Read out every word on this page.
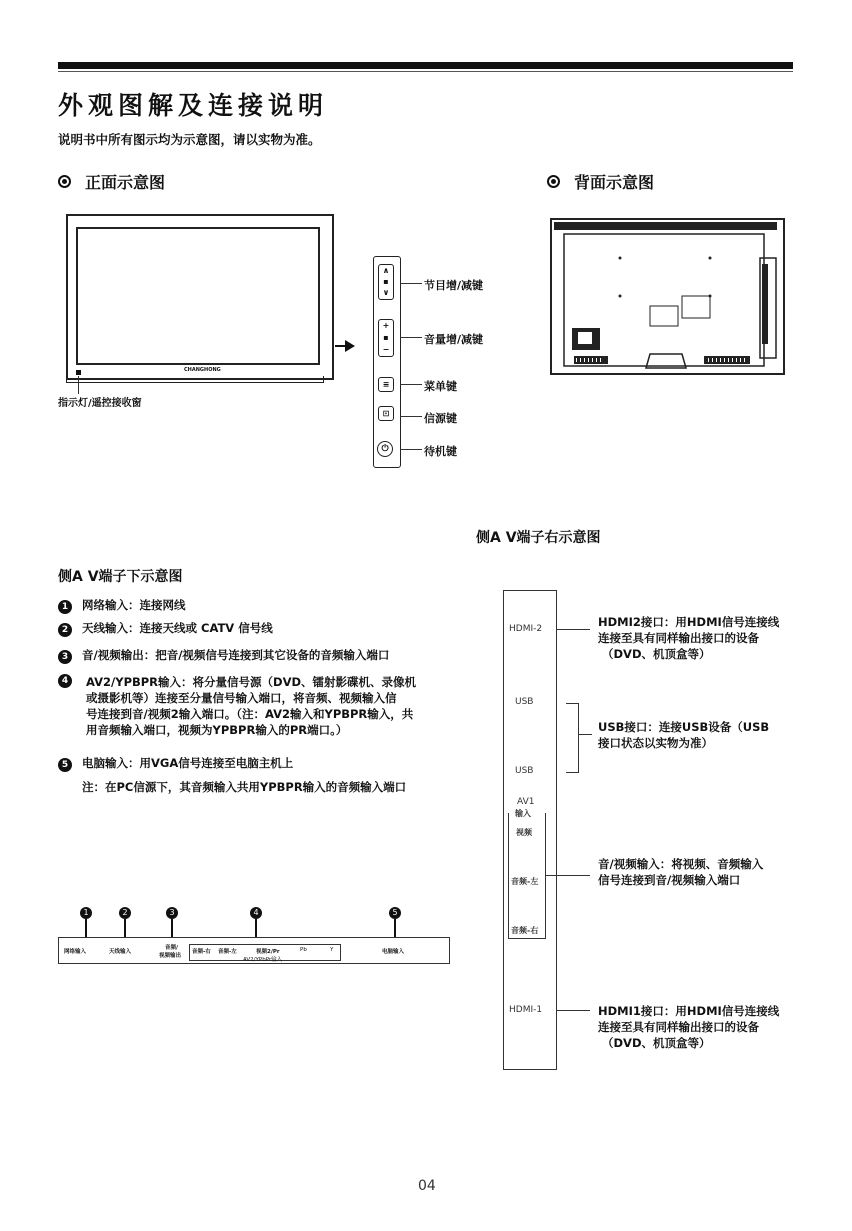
外观图解及连接说明
说明书中所有图示均为示意图，请以实物为准。
正面示意图
CHANGHONG
指示灯/遥控接收窗
∧
▪
∨
+
▪
−
≡
⊡
⏻
节目增/减键
音量增/减键
菜单键
信源键
待机键
背面示意图
侧A V端子右示意图
HDMI-2
USB
USB
AV1
输入
视频
音频-左
音频-右
HDMI-1
HDMI2接口：用HDMI信号连接线
连接至具有同样输出接口的设备
（DVD、机顶盒等）
USB接口：连接USB设备（USB
接口状态以实物为准）
音/视频输入：将视频、音频输入
信号连接到音/视频输入端口
HDMI1接口：用HDMI信号连接线
连接至具有同样输出接口的设备
（DVD、机顶盒等）
侧A V端子下示意图
1 网络输入：连接网线
2 天线输入：连接天线或 CATV 信号线
3 音/视频输出：把音/视频信号连接到其它设备的音频输入端口
4 AV2/YPBPR输入：将分量信号源（DVD、镭射影碟机、录像机
或摄影机等）连接至分量信号输入端口，将音频、视频输入信
号连接到音/视频2输入端口。（注：AV2输入和YPBPR输入，共
用音频输入端口，视频为YPBPR输入的PR端口。）
5 电脑输入：用VGA信号连接至电脑主机上
注：在PC信源下，其音频输入共用YPBPR输入的音频输入端口
1	2	3	4	5
网络输入	天线输入
音频/
视频输出
音频-右 音频-左	视频2/Pr	Pb	Y
AV2/YPbPr输入
电脑输入
04
